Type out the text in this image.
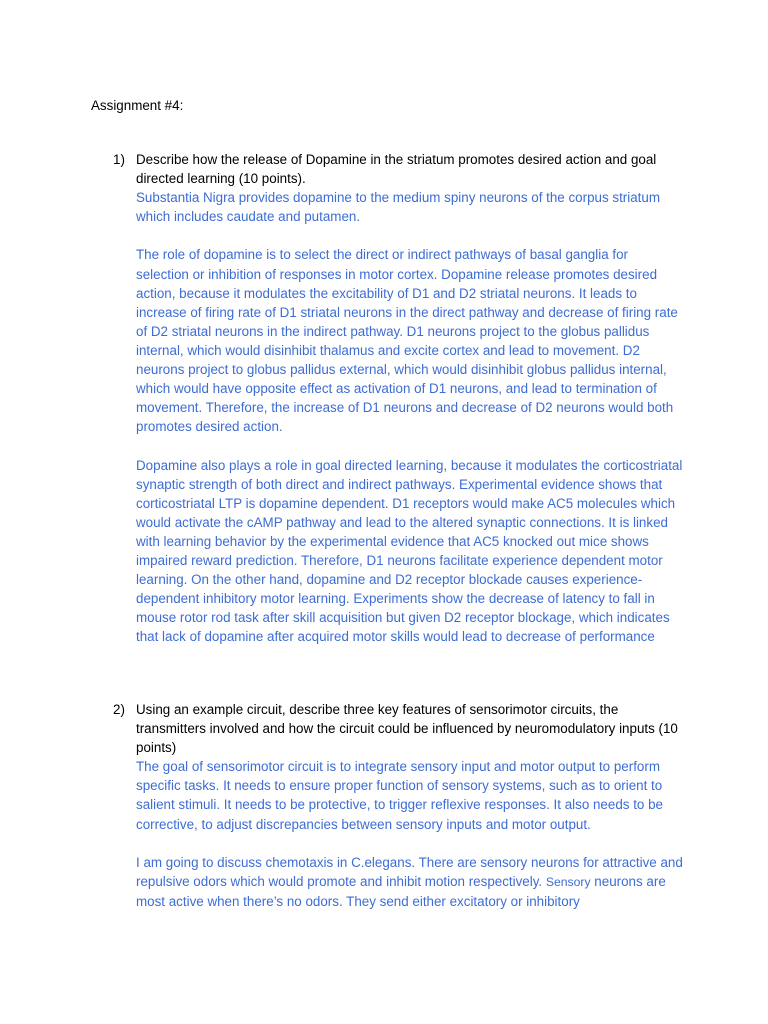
Assignment #4:
1) Describe how the release of Dopamine in the striatum promotes desired action and goal directed learning (10 points).

Substantia Nigra provides dopamine to the medium spiny neurons of the corpus striatum which includes caudate and putamen.

The role of dopamine is to select the direct or indirect pathways of basal ganglia for selection or inhibition of responses in motor cortex. Dopamine release promotes desired action, because it modulates the excitability of D1 and D2 striatal neurons. It leads to increase of firing rate of D1 striatal neurons in the direct pathway and decrease of firing rate of D2 striatal neurons in the indirect pathway. D1 neurons project to the globus pallidus internal, which would disinhibit thalamus and excite cortex and lead to movement. D2 neurons project to globus pallidus external, which would disinhibit globus pallidus internal, which would have opposite effect as activation of D1 neurons, and lead to termination of movement. Therefore, the increase of D1 neurons and decrease of D2 neurons would both promotes desired action.

Dopamine also plays a role in goal directed learning, because it modulates the corticostriatal synaptic strength of both direct and indirect pathways. Experimental evidence shows that corticostriatal LTP is dopamine dependent. D1 receptors would make AC5 molecules which would activate the cAMP pathway and lead to the altered synaptic connections. It is linked with learning behavior by the experimental evidence that AC5 knocked out mice shows impaired reward prediction. Therefore, D1 neurons facilitate experience dependent motor learning. On the other hand, dopamine and D2 receptor blockade causes experience-dependent inhibitory motor learning. Experiments show the decrease of latency to fall in mouse rotor rod task after skill acquisition but given D2 receptor blockage, which indicates that lack of dopamine after acquired motor skills would lead to decrease of performance

2) Using an example circuit, describe three key features of sensorimotor circuits, the transmitters involved and how the circuit could be influenced by neuromodulatory inputs (10 points)

The goal of sensorimotor circuit is to integrate sensory input and motor output to perform specific tasks. It needs to ensure proper function of sensory systems, such as to orient to salient stimuli. It needs to be protective, to trigger reflexive responses. It also needs to be corrective, to adjust discrepancies between sensory inputs and motor output.

I am going to discuss chemotaxis in C.elegans. There are sensory neurons for attractive and repulsive odors which would promote and inhibit motion respectively. Sensory neurons are most active when there’s no odors. They send either excitatory or inhibitory
